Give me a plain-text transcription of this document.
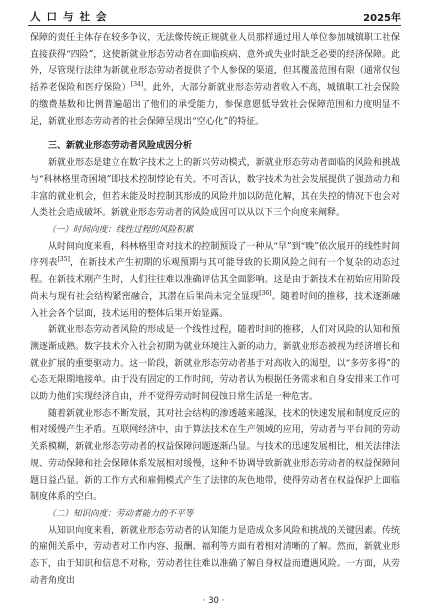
人口与社会	2025年

保障的责任主体存在较多争议，无法像传统正规就业人员那样通过用人单位参加城镇职工社保直接获得“四险”，这使新就业形态劳动者在面临疾病、意外或失业时缺乏必要的经济保障。此外，尽管现行法律为新就业形态劳动者提供了个人参保的渠道，但其覆盖范围有限（通常仅包括养老保险和医疗保险）[34]。此外，大部分新就业形态劳动者收入不高，城镇职工社会保险的缴费基数和比例普遍超出了他们的承受能力，参保意愿低导致社会保障范围和力度明显不足，新就业形态劳动者的社会保障呈现出“空心化”的特征。

三、新就业形态劳动者风险成因分析

新就业形态是建立在数字技术之上的新兴劳动模式，新就业形态劳动者面临的风险和挑战与“科林格里奇困境”即技术控制悖论有关。不可否认，数字技术为社会发展提供了强劲动力和丰富的就业机会，但若未能及时控制其形成的风险并加以防范化解，其在失控的情况下也会对人类社会造成破坏。新就业形态劳动者的风险成因可以从以下三个向度来阐释。

（一）时间向度：线性过程的风险积累

从时间向度来看，科林格里奇对技术的控制预设了一种从“早”到“晚”依次展开的线性时间序列表[35]，在新技术产生初期的乐观预期与其可能导致的长期风险之间有一个复杂的动态过程。在新技术刚产生时，人们往往难以准确评估其全面影响。这是由于新技术在初始应用阶段尚未与现有社会结构紧密融合，其潜在后果尚未完全显现[36]。随着时间的推移，技术逐渐融入社会各个层面，技术运用的整体后果开始显露。

新就业形态劳动者风险的形成是一个线性过程，随着时间的推移，人们对风险的认知和预测逐渐成熟。数字技术介入社会初期为就业环境注入新的动力，新就业形态被视为经济增长和就业扩展的重要驱动力。这一阶段，新就业形态劳动者基于对高收入的渴望，以“多劳多得”的心态无限期地接单。由于没有固定的工作时间，劳动者认为根据任务需求和自身安排来工作可以助力他们实现经济自由，并不觉得劳动时间侵蚀日常生活是一种危害。

随着新就业形态不断发展，其对社会结构的渗透越来越深，技术的快速发展和制度反应的相对缓慢产生矛盾。互联网经济中，由于算法技术在生产领域的应用，劳动者与平台间的劳动关系模糊，新就业形态劳动者的权益保障问题逐渐凸显。与技术的迅速发展相比，相关法律法规、劳动保障和社会保障体系发展相对缓慢，这种不协调导致新就业形态劳动者的权益保障问题日益凸显。新的工作方式和雇佣模式产生了法律的灰色地带，使得劳动者在权益保护上面临制度体系的空白。

（二）知识向度：劳动者能力的不平等

从知识向度来看，新就业形态劳动者的认知能力是造成众多风险和挑战的关键因素。传统的雇佣关系中，劳动者对工作内容、报酬、福利等方面有着相对清晰的了解。然而，新就业形态下，由于知识和信息不对称，劳动者往往难以准确了解自身权益而遭遇风险。一方面，从劳动者角度出

· 30 ·
